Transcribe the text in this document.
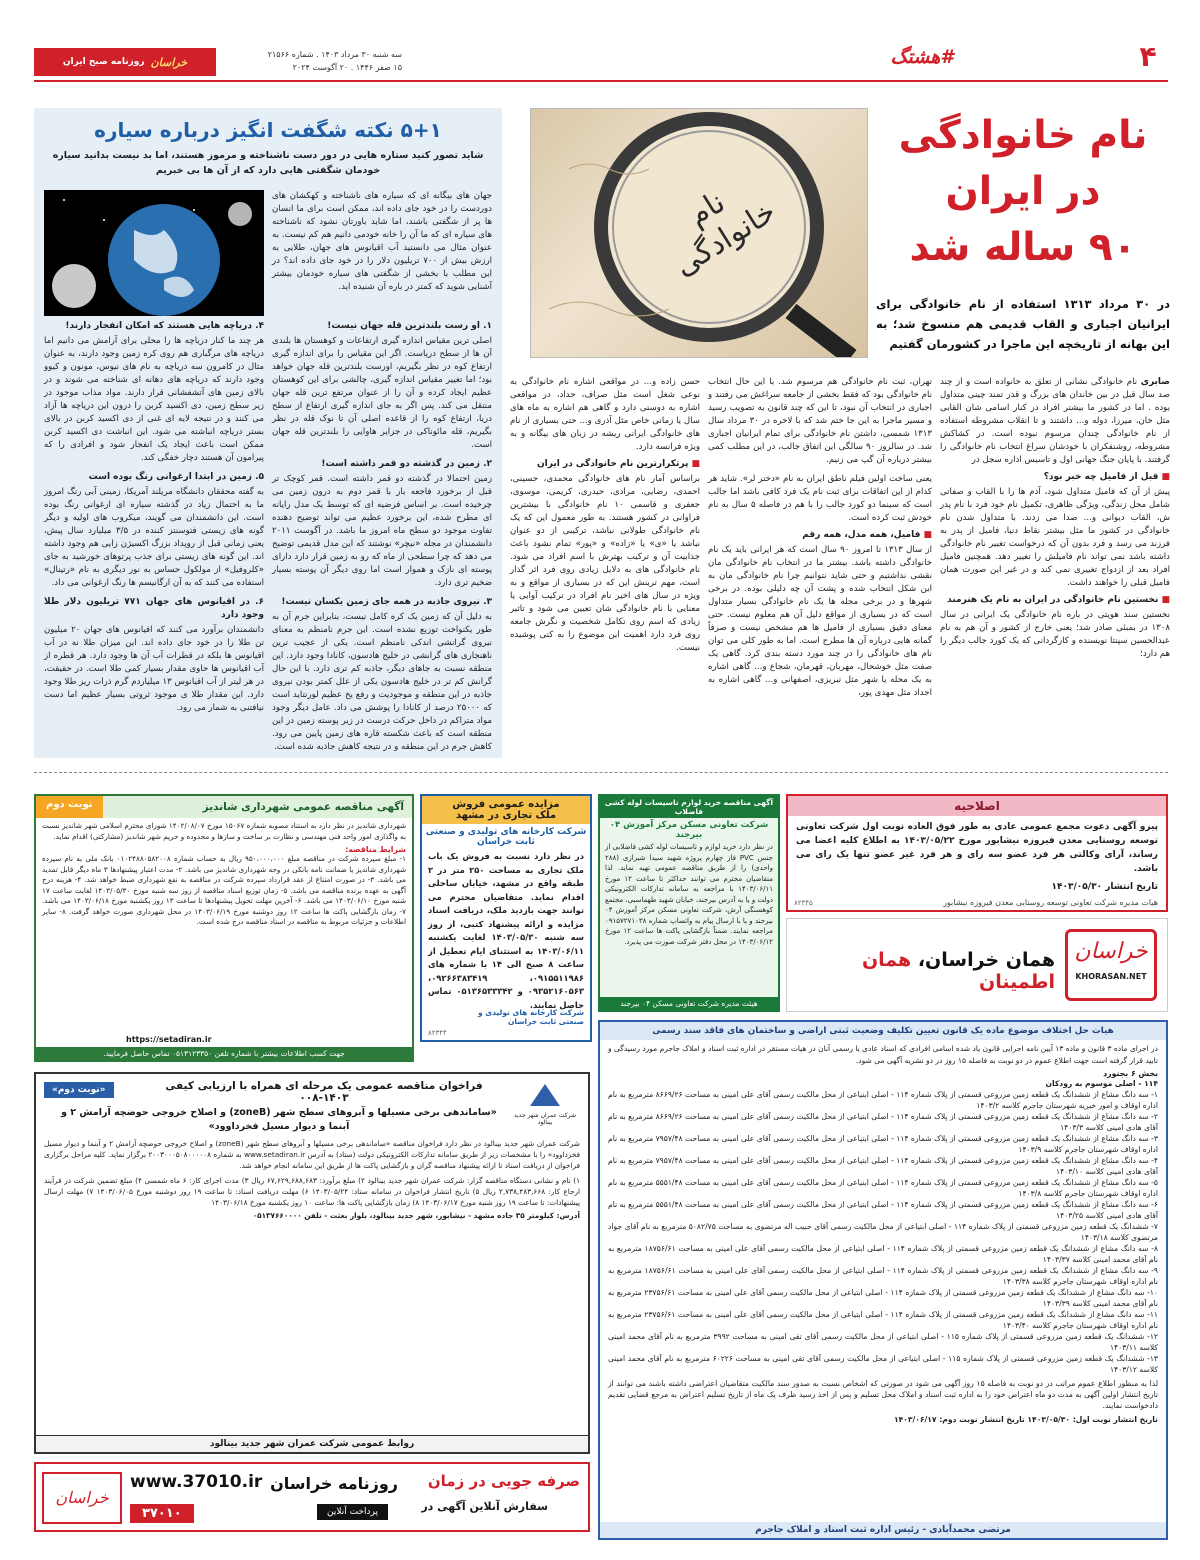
خراسان
روزنامه صبح ایران
سه شنبه ۳۰ مرداد ۱۴۰۳ . شماره ۲۱۵۶۶
۱۵ صفر ۱۴۴۶ . ۲۰ آگوست ۲۰۲۴	#هشتگ	۴
نام خانوادگی
در ایران
۹۰ ساله شد
در ۳۰ مرداد ۱۳۱۳ استفاده از نام خانوادگی برای ایرانیان اجباری و القاب قدیمی هم منسوخ شد؛ به این بهانه از تاریخچه این ماجرا در کشورمان گفتیم
نام خانوادگی

صابری نام خانوادگی نشانی از تعلق به خانواده است و از چند صد سال قبل در بین خاندان های بزرگ و قدر تمند چینی متداول بوده . اما در کشور ما بیشتر افراد در کنار اسامی شان القابی مثل خان، میرزا، دوله و... داشتند و تا انقلاب مشروطه استفاده از نام خانوادگی چندان مرسوم نبوده است. در کشاکش مشروطه، روشنفکران با خودشان سراغ انتخاب نام خانوادگی را گرفتند. با پایان جنگ جهانی اول و تاسیس اداره سجل در

■ قبل از فامیل چه خبر بود؟

پیش از آن که فامیل متداول شود، آدم ها را با القاب و صفاتی شامل محل زندگی، ویژگی ظاهری، تکمیل نام خود فرد با نام پدر ش، القاب دیوانی و... صدا می زدند. با متداول شدن نام خانوادگی در کشور ما مثل بیشتر نقاط دنیا، فامیل از پدر به فرزند می رسد و فرد بدون آن که درخواست تغییر نام خانوادگی داشته باشد نمی تواند نام فامیلش را تغییر دهد. همچنین فامیل افراد بعد از ازدواج تغییری نمی کند و در غیر این صورت همان فامیل قبلی را خواهند داشت.

■ نخستین نام خانوادگی در ایران به نام یک هنرمند

نخستین سند هویتی در باره نام خانوادگی یک ایرانی در سال ۱۳۰۸ در بمبئی صادر شد؛ یعنی خارج از کشور و آن هم به نام عبدالحسین سپنتا نویسنده و کارگردانی که یک کورد جالب دیگر را هم دارد؛

تهران، ثبت نام خانوادگی هم مرسوم شد. با این حال انتخاب نام خانوادگی بود که فقط بخشی از جامعه سراغش می رفتند و اجباری در انتخاب آن نبود، تا این که چند قانون به تصویب رسید و مسیر ماجرا به این جا ختم شد که با لاخره در ۳۰ مرداد سال ۱۳۱۳ شمسی، داشتن نام خانوادگی برای تمام ایرانیان اجباری شد. در سالروز ۹۰ سالگی این اتفاق جالب، در این مطلب کمی بیشتر درباره آن گپ می زنیم.

یعنی ساخت اولین فیلم ناطق ایران به نام «دختر لر». شاید هر کدام از این اتفاقات برای ثبت نام یک فرد کافی باشد اما جالب است که سینما دو کورد جالب را با هم در فاصله ۵ سال به نام خودش ثبت کرده است.

■ فامیل، همه مدل، همه رقم

از سال ۱۳۱۳ تا امروز ۹۰ سال است که هر ایرانی باید یک نام خانوادگی داشته باشد. بیشتر ما در انتخاب نام خانوادگی مان نقشی نداشتیم و حتی شاید نتوانیم چرا نام خانوادگی مان به این شکل انتخاب شده و پشت آن چه دلیلی بوده. در برخی شهرها و در برخی محله ها یک نام خانوادگی بسیار متداول است که در بسیاری از مواقع دلیل آن هم معلوم نیست. حتی معنای دقیق بسیاری از فامیل ها هم مشخص نیست و صرفاً گمانه هایی درباره آن ها مطرح است. اما به طور کلی می توان نام های خانوادگی را در چند مورد دسته بندی کرد. گاهی یک صفت مثل خوشحال، مهربان، قهرمان، شجاع و... گاهی اشاره به یک محله یا شهر مثل تبریزی، اصفهانی و... گاهی اشاره به اجداد مثل مهدی پور،

حسن زاده و... در مواقعی اشاره نام خانوادگی به نوعی شغل است مثل صراف، حداد، در مواقعی اشاره به دوستی دارد و گاهی هم اشاره به ماه های سال یا زمانی خاص مثل آذری و... حتی بسیاری از نام های خانوادگی ایرانی ریشه در زبان های بیگانه و به ویژه فرانسه دارد.

■ پرتکرارترین نام خانوادگی در ایران

براساس آمار نام های خانوادگی محمدی، حسینی، احمدی، رضایی، مرادی، حیدری، کریمی، موسوی، جعفری و قاسمی ۱۰ نام خانوادگی با بیشترین فراوانی در کشور هستند. به طور معمول این که یک نام خانوادگی طولانی نباشد، ترکیبی از دو عنوان نباشد یا «ی» یا «زاده» و «پور» تمام نشود باعث جذابیت آن و ترکیب بهترش با اسم افراد می شود. نام خانوادگی های به دلایل زیادی روی فرد اثر گذار است، مهم ترینش این که در بسیاری از مواقع و به ویژه در سال های اخیر نام افراد در ترکیب آوایی یا معنایی با نام خانوادگی شان تعیین می شود و تاثیر زیادی که اسم روی تکامل شخصیت و نگرش جامعه روی فرد دارد اهمیت این موضوع را به کنی پوشیده نیست.

۵+۱ نکته شگفت انگیز درباره سیاره
شاید تصور کنید ستاره هایی در دور دست ناشناخته و مرموز هستند، اما بد نیست بدانید سیاره خودمان شگفتی هایی دارد که از آن ها بی خبریم
جهان های بیگانه ای که سیاره های ناشناخته و کهکشان های دوردست را در خود جای داده اند، ممکن است برای ما انسان ها پر از شگفتی باشند، اما شاید باورتان نشود که ناشناخته های سیاره ای که ما آن را خانه خودمی دانیم هم کم نیست. به عنوان مثال می دانستید آب اقیانوس های جهان، طلایی به ارزش بیش از ۷۰۰ تریلیون دلار را در خود جای داده اند؟ در این مطلب با بخشی از شگفتی های سیاره خودمان بیشتر آشنایی شوید که کمتر در باره آن شنیده اید.

۱. او رست بلندترین قله جهان نیست!

اصلی ترین مقیاس اندازه گیری ارتفاعات و کوهستان ها بلندی آن ها از سطح دریاست. اگر این مقیاس را برای اندازه گیری ارتفاع کوه در نظر بگیریم، اورست بلندترین قله جهان خواهد بود؛ اما تغییر مقیاس اندازه گیری، چالشی برای این کوهستان عظیم ایجاد کرده و آن را از عنوان مرتفع ترین قله جهان منتقل می کند. پس اگر به جای اندازه گیری ارتفاع از سطح دریا، ارتفاع کوه را از قاعده اصلی آن تا نوک قله در نظر بگیریم، قله مائوناکی در جزایر هاوایی را بلندترین قله جهان است.

۲. زمین در گذشته دو قمر داشته است!

زمین احتمالا در گذشته دو قمر داشته است. قمر کوچک تر قبل از برخورد فاجعه بار با قمر دوم به درون زمین می چرخیده است. بر اساس فرضیه ای که توسط یک مدل رایانه ای مطرح شده، این برخورد عظیم می تواند توضیح دهنده تفاوت موجود دو سطح ماه امروز ما باشد. در آگوست ۲۰۱۱ دانشمندان در مجله «نیچر» نوشتند که این مدل قدیمی توضیح می دهد که چرا سطحی از ماه که رو به زمین قرار دارد دارای پوسته ای نازک و هموار است اما روی دیگر آن پوسته بسیار ضخیم تری دارد.

۳. نیروی جاذبه در همه جای زمین یکسان نیست!

به دلیل آن که زمین یک کره کامل نیست، بنابراین جرم آن به طور یکنواخت توزیع نشده است. این جرم نامنظم به معنای نیروی گرانشی اندکی نامنظم است. یکی از عجیب ترین ناهنجاری های گرانشی در خلیج هادسون، کانادا وجود دارد. این منطقه نسبت به جاهای دیگر، جاذبه کم تری دارد. با این حال گرانش کم تر در خلیج هادسون یکی از علل کمتر بودن نیروی جاذبه در این منطقه و موجودیت و رفع یخ عظیم لورنتاید است که ۲۵۰۰۰ درصد از کانادا را پوشش می داد. عامل دیگر وجود مواد متراکم در داخل حرکت درست در زیر پوسته زمین در این منطقه است که باعث شکسته قاره های زمین پایین می رود. کاهش جرم در این منطقه و در نتیجه کاهش جاذبه شده است.

۴. دریاچه هایی هستند که امکان انفجار دارند!

هر چند ما کنار دریاچه ها را محلی برای آرامش می دانیم اما دریاچه های مرگباری هم روی کره زمین وجود دارند، به عنوان مثال در کامرون سه دریاچه به نام های نیوس، مونون و کیوو وجود دارند که دریاچه های دهانه ای شناخته می شوند و در بالای زمین های آتشفشانی قرار دارند. مواد مذاب موجود در زیر سطح زمین، دی اکسید کربن را درون این دریاچه ها آزاد می کنند و در نتیجه لایه ای غنی از دی اکسید کربن در بالای بستر دریاچه انباشته می شود. این انباشت دی اکسید کربن ممکن است باعث ایجاد یک انفجار شود و افرادی را که پیرامون آن هستند دچار خفگی کند.

۵. زمین در ابتدا ارغوانی رنگ بوده است

به گفته محققان دانشگاه مریلند آمریکا، زمینی آبی رنگ امروز ما به احتمال زیاد در گذشته سیاره ای ارغوانی رنگ بوده است. این دانشمندان می گویند، میکروب های اولیه و دیگر گونه های زیستی فتوسنتز کننده در ۳/۵ میلیارد سال پیش، یعنی زمانی قبل از رویداد بزرگ اکسیژن زایی هم وجود داشته اند. این گونه های زیستی برای جذب پرتوهای خورشید به جای «کلروفیل» از مولکول حساس به نور دیگری به نام «رتینال» استفاده می کنند که به آن ارگانیسم ها رنگ ارغوانی می داد.

۶. در اقیانوس های جهان ۷۷۱ تریلیون دلار طلا وجود دارد

دانشمندان برآورد می کنند که اقیانوس های جهان ۲۰ میلیون تن طلا را در خود جای داده اند. این میزان طلا نه در آب اقیانوس ها بلکه در قطرات آب آن ها وجود دارد. هر قطره از آب اقیانوس ها حاوی مقدار بسیار کمی طلا است. در حقیقت، در هر لیتر از آب اقیانوس ۱۳ میلیاردم گرم ذرات ریز طلا وجود دارد. این مقدار طلا ی موجود ثروتی بسیار عظیم اما دست نیافتنی به شمار می رود.

اصلاحیه
پیرو آگهی دعوت مجمع عمومی عادی به طور فوق العاده نوبت اول شرکت تعاونی توسعه روستایی معدن فیروزه نیشابور مورخ ۱۴۰۳/۰۵/۲۲ به اطلاع کلیه اعضا می رساند، آرای وکالتی هر فرد عضو سه رای و هر فرد غیر عضو تنها یک رای می باشد.
تاریخ انتشار ۱۴۰۳/۰۵/۳۰
هیات مدیره شرکت تعاونی توسعه روستایی معدن فیروزه نیشابور
۸۲۳۴۵
خراسان
KHORASAN.NET
همان خراسان، همان اطمینان
آگهی مناقصه خرید لوازم تاسیسات لوله کشی فاضلاب
شرکت تعاونی مسکن مرکز آموزش ۰۴ بیرجند
در نظر دارد خرید لوازم و تاسیسات لوله کشی فاضلابی از جنس PVC فاز چهارم پروژه شهید سیدا شیرازی (۲۸۸ واحدی) را از طریق مناقصه عمومی تهیه نماید. لذا متقاضیان محترم می توانند حداکثر تا ساعت ۱۲ مورخ ۱۴۰۳/۰۶/۱۱ با مراجعه به سامانه تدارکات الکترونیکی دولت و یا به آدرس بیرجند، خیابان شهید طهماسبی، مجتمع کوهسنگی آرش، شرکت تعاونی مسکن مرکز آموزش ۰۴ بیرجند و یا با ارسال پیام به واتساپ شماره ۰۹۱۵۷۲۷۱۰۳۸ مراجعه نمایند. ضمناً بازگشایی پاکت ها ساعت ۱۲ مورخ ۱۴۰۳/۰۶/۱۲ در محل دفتر شرکت صورت می پذیرد.
هیئت مدیره شرکت تعاونی مسکن ۰۴ بیرجند
مزایده عمومی فروش
ملک تجاری در مشهد
شرکت کارخانه های تولیدی و صنعتی ثابت خراسان
در نظر دارد نسبت به فروش یک باب ملک تجاری به مساحت ۲۵۰ متر در ۲ طبقه واقع در مشهد، خیابان ساحلی اقدام نماید. متقاضیان محترم می توانند جهت بازدید ملک، دریافت اسناد مزایده و ارائه پیشنهاد کتبی، از روز سه شنبه ۱۴۰۳/۰۵/۳۰ لغایت یکشنبه ۱۴۰۳/۰۶/۱۱ به استثنای ایام تعطیل از ساعت ۸ صبح الی ۱۴ با شماره های ۰۹۱۵۵۱۱۹۸۶، ۰۹۲۶۶۳۸۳۴۱۹، ۰۹۳۵۲۱۶۰۵۶۳ و ۰۵۱۳۶۵۳۳۳۴۲ تماس حاصل نمایند.
شرکت کارخانه های تولیدی و صنعتی ثابت خراسان
۸۲۳۴۴
آگهی مناقصه عمومی شهرداری شاندیز
نوبت دوم
شهرداری شاندیز در نظر دارد به استناد مصوبه شماره ۱۵۰۶۷ مورخ ۱۴۰۲/۰۸/۰۷ شورای محترم اسلامی شهر شاندیز نسبت به واگذاری امور واحد فنی مهندسی و نظارت بر ساخت و سازها و محدوده و حریم شهر شاندیز (مشارکتی) اقدام نماید.
شرایط مناقصه:
۱- مبلغ سپرده شرکت در مناقصه مبلغ ۹۵۰،۰۰۰،۰۰۰ ریال به حساب شماره ۰۱۰۲۴۸۸۰۵۸۲۰۰۸ بانک ملی به نام سپرده شهرداری شاندیز یا ضمانت نامه بانکی در وجه شهرداری شاندیز می باشد. ۲- مدت اعتبار پیشنهادها ۳ ماه دیگر قابل تمدید می باشد. ۳- در صورت امتناع از عقد قرارداد سپرده شرکت در مناقصه به نفع شهرداری ضبط خواهد شد. ۴- هزینه درج آگهی به عهده برنده مناقصه می باشد. ۵- زمان توزیع اسناد مناقصه از روز سه شنبه مورخ ۱۴۰۳/۰۵/۳۰ لغایت ساعت ۱۷ شنبه مورخ ۱۴۰۳/۰۶/۱۰ می باشد. ۶- آخرین مهلت تحویل پیشنهادها تا ساعت ۱۳ روز یکشنبه مورخ ۱۴۰۳/۰۶/۱۸ می باشد. ۷- زمان بازگشایی پاکت ها ساعت ۱۲ روز دوشنبه مورخ ۱۴۰۳/۰۶/۱۹ در محل شهرداری صورت خواهد گرفت. ۸- سایر اطلاعات و جزئیات مربوط به مناقصه در اسناد مناقصه درج شده است.
https://setadiran.ir
جهت کسب اطلاعات بیشتر با شماره تلفن ۰۵۱۳۱۲۳۳۵۰ تماس حاصل فرمایید.
شرکت عمران شهر جدید بینالود
فراخوان مناقصه عمومی یک مرحله ای همراه با ارزیابی کیفی ۱۴۰۳-۰۰۸
«نوبت دوم»
«ساماندهی برخی مسیلها و آبروهای سطح شهر (zoneB) و اصلاح خروجی حوضچه آرامش ۲ و آبنما و دیوار مسیل فخرداوود»
شرکت عمران شهر جدید بینالود در نظر دارد فراخوان مناقصه «ساماندهی برخی مسیلها و آبروهای سطح شهر (zoneB) و اصلاح خروجی حوضچه آرامش ۲ و آبنما و دیوار مسیل فخرداوود» را با مشخصات زیر از طریق سامانه تدارکات الکترونیکی دولت (ستاد) به آدرس www.setadiran.ir به شماره ۲۰۰۳۰۰۰۵۰۸۰۰۰۰۰۸ برگزار نماید. کلیه مراحل برگزاری فراخوان از دریافت اسناد تا ارائه پیشنهاد مناقصه گران و بازگشایی پاکت ها از طریق این سامانه انجام خواهد شد.
۱) نام و نشانی دستگاه مناقصه گزار: شرکت عمران شهر جدید بینالود ۲) مبلغ برآورد: ۶۷,۶۲۹,۶۸۸,۶۸۳ ریال ۳) مدت اجرای کار: ۶ ماه شمسی ۴) مبلغ تضمین شرکت در فرآیند ارجاع کار: ۲,۷۳۸,۴۸۳,۶۶۸ ریال ۵) تاریخ انتشار فراخوان در سامانه ستاد: ۱۴۰۳/۰۵/۲۴ ۶) مهلت دریافت اسناد: تا ساعت ۱۹ روز دوشنبه مورخ ۱۴۰۳/۰۶/۰۵ ۷) مهلت ارسال پیشنهادات: تا ساعت ۱۹ روز شنبه مورخ ۱۴۰۳/۰۶/۱۷ ۸) زمان بازگشایی پاکت ها: ساعت ۱۰ روز یکشنبه مورخ ۱۴۰۳/۰۶/۱۸
آدرس: کیلومتر ۳۵ جاده مشهد - نیشابور، شهر جدید بینالود، بلوار بعثت - تلفن ۰۵۱۳۷۶۶۰۰۰۰
روابط عمومی شرکت عمران شهر جدید بینالود
صرفه جویی در زمان
سفارش آنلاین آگهی در
روزنامه خراسان
پرداخت آنلاین
۳۷۰۱۰
www.37010.ir
خراسان
هیات حل اختلاف موضوع ماده یک قانون تعیین تکلیف وضعیت ثبتی اراضی و ساختمان های فاقد سند رسمی
در اجرای ماده ۳ قانون و ماده ۱۳ آیین نامه اجرایی قانون یاد شده اسامی افرادی که اسناد عادی یا رسمی آنان در هیات مستقر در اداره ثبت اسناد و املاک جاجرم مورد رسیدگی و تایید قرار گرفته است جهت اطلاع عموم در دو نوبت به فاصله ۱۵ روز در دو نشریه آگهی می شود.
بخش ۶ بجنورد
۱۱۴ - اصلی موسوم به رودکان
۱- سه دانگ مشاع از ششدانگ یک قطعه زمین مزروعی قسمتی از پلاک شماره ۱۱۴ - اصلی ابتیاعی از محل مالکیت رسمی آقای علی امینی به مساحت ۸۶۶۹/۲۶ مترمربع به نام اداره اوقاف و امور خیریه شهرستان جاجرم کلاسه ۱۴۰۳/۲
۲- سه دانگ مشاع از ششدانگ یک قطعه زمین مزروعی قسمتی از پلاک شماره ۱۱۴ - اصلی ابتیاعی از محل مالکیت رسمی آقای علی امینی به مساحت ۸۶۶۹/۲۶ مترمربع به نام آقای هادی امینی کلاسه ۱۴۰۳/۳
۳- سه دانگ مشاع از ششدانگ یک قطعه زمین مزروعی قسمتی از پلاک شماره ۱۱۴ - اصلی ابتیاعی از محل مالکیت رسمی آقای علی امینی به مساحت ۷۹۵۷/۴۸ مترمربع به نام اداره اوقاف شهرستان جاجرم کلاسه ۱۴۰۳/۹
۴- سه دانگ مشاع از ششدانگ یک قطعه زمین مزروعی قسمتی از پلاک شماره ۱۱۴ - اصلی ابتیاعی از محل مالکیت رسمی آقای علی امینی به مساحت ۷۹۵۷/۴۸ مترمربع به نام آقای هادی امینی کلاسه ۱۴۰۳/۱۰
۵- سه دانگ مشاع از ششدانگ یک قطعه زمین مزروعی قسمتی از پلاک شماره ۱۱۴ - اصلی ابتیاعی از محل مالکیت رسمی آقای علی امینی به مساحت ۵۵۵۱/۴۸ مترمربع به نام اداره اوقاف شهرستان جاجرم کلاسه ۱۴۰۳/۸
۶- سه دانگ مشاع از ششدانگ یک قطعه زمین مزروعی قسمتی از پلاک شماره ۱۱۴ - اصلی ابتیاعی از محل مالکیت رسمی آقای علی امینی به مساحت ۵۵۵۱/۴۸ مترمربع به نام آقای هادی امینی کلاسه ۱۴۰۳/۲۵
۷- ششدانگ یک قطعه زمین مزروعی قسمتی از پلاک شماره ۱۱۴ - اصلی ابتیاعی از محل مالکیت رسمی آقای حبیب اله مرتضوی به مساحت ۵۰۸۲/۷۵ مترمربع به نام آقای جواد مرتضوی کلاسه ۱۴۰۳/۱۸
۸- سه دانگ مشاع از ششدانگ یک قطعه زمین مزروعی قسمتی از پلاک شماره ۱۱۴ - اصلی ابتیاعی از محل مالکیت رسمی آقای علی امینی به مساحت ۱۸۷۵۶/۶۱ مترمربع به نام آقای محمد امینی کلاسه ۱۴۰۳/۳۷
۹- سه دانگ مشاع از ششدانگ یک قطعه زمین مزروعی قسمتی از پلاک شماره ۱۱۴ - اصلی ابتیاعی از محل مالکیت رسمی آقای علی امینی به مساحت ۱۸۷۵۶/۶۱ مترمربع به نام اداره اوقاف شهرستان جاجرم کلاسه ۱۴۰۳/۳۸
۱۰- سه دانگ مشاع از ششدانگ یک قطعه زمین مزروعی قسمتی از پلاک شماره ۱۱۴ - اصلی ابتیاعی از محل مالکیت رسمی آقای علی امینی به مساحت ۲۳۷۵۶/۶۱ مترمربع به نام آقای محمد امینی کلاسه ۱۴۰۳/۳۹
۱۱- سه دانگ مشاع از ششدانگ یک قطعه زمین مزروعی قسمتی از پلاک شماره ۱۱۴ - اصلی ابتیاعی از محل مالکیت رسمی آقای علی امینی به مساحت ۲۳۷۵۶/۶۱ مترمربع به نام اداره اوقاف شهرستان جاجرم کلاسه ۱۴۰۳/۴۰
۱۲- ششدانگ یک قطعه زمین مزروعی قسمتی از پلاک شماره ۱۱۵ - اصلی ابتیاعی از محل مالکیت رسمی آقای تقی امینی به مساحت ۳۹۹۲ مترمربع به نام آقای محمد امینی کلاسه ۱۴۰۳/۱۱
۱۳- ششدانگ یک قطعه زمین مزروعی قسمتی از پلاک شماره ۱۱۵ - اصلی ابتیاعی از محل مالکیت رسمی آقای تقی امینی به مساحت ۶۰۲۲۶ مترمربع به نام آقای محمد امینی کلاسه ۱۴۰۳/۱۲
لذا به منظور اطلاع عموم مراتب در دو نوبت به فاصله ۱۵ روز آگهی می شود در صورتی که اشخاص نسبت به صدور سند مالکیت متقاضیان اعتراضی داشته باشند می توانند از تاریخ انتشار اولین آگهی به مدت دو ماه اعتراض خود را به اداره ثبت اسناد و املاک محل تسلیم و پس از اخذ رسید ظرف یک ماه از تاریخ تسلیم اعتراض به مرجع قضایی تقدیم دادخواست نمایند.
تاریخ انتشار نوبت اول: ۱۴۰۳/۰۵/۳۰ تاریخ انتشار نوبت دوم: ۱۴۰۳/۰۶/۱۷
مرتضی محمدآبادی - رئیس اداره ثبت اسناد و املاک جاجرم
